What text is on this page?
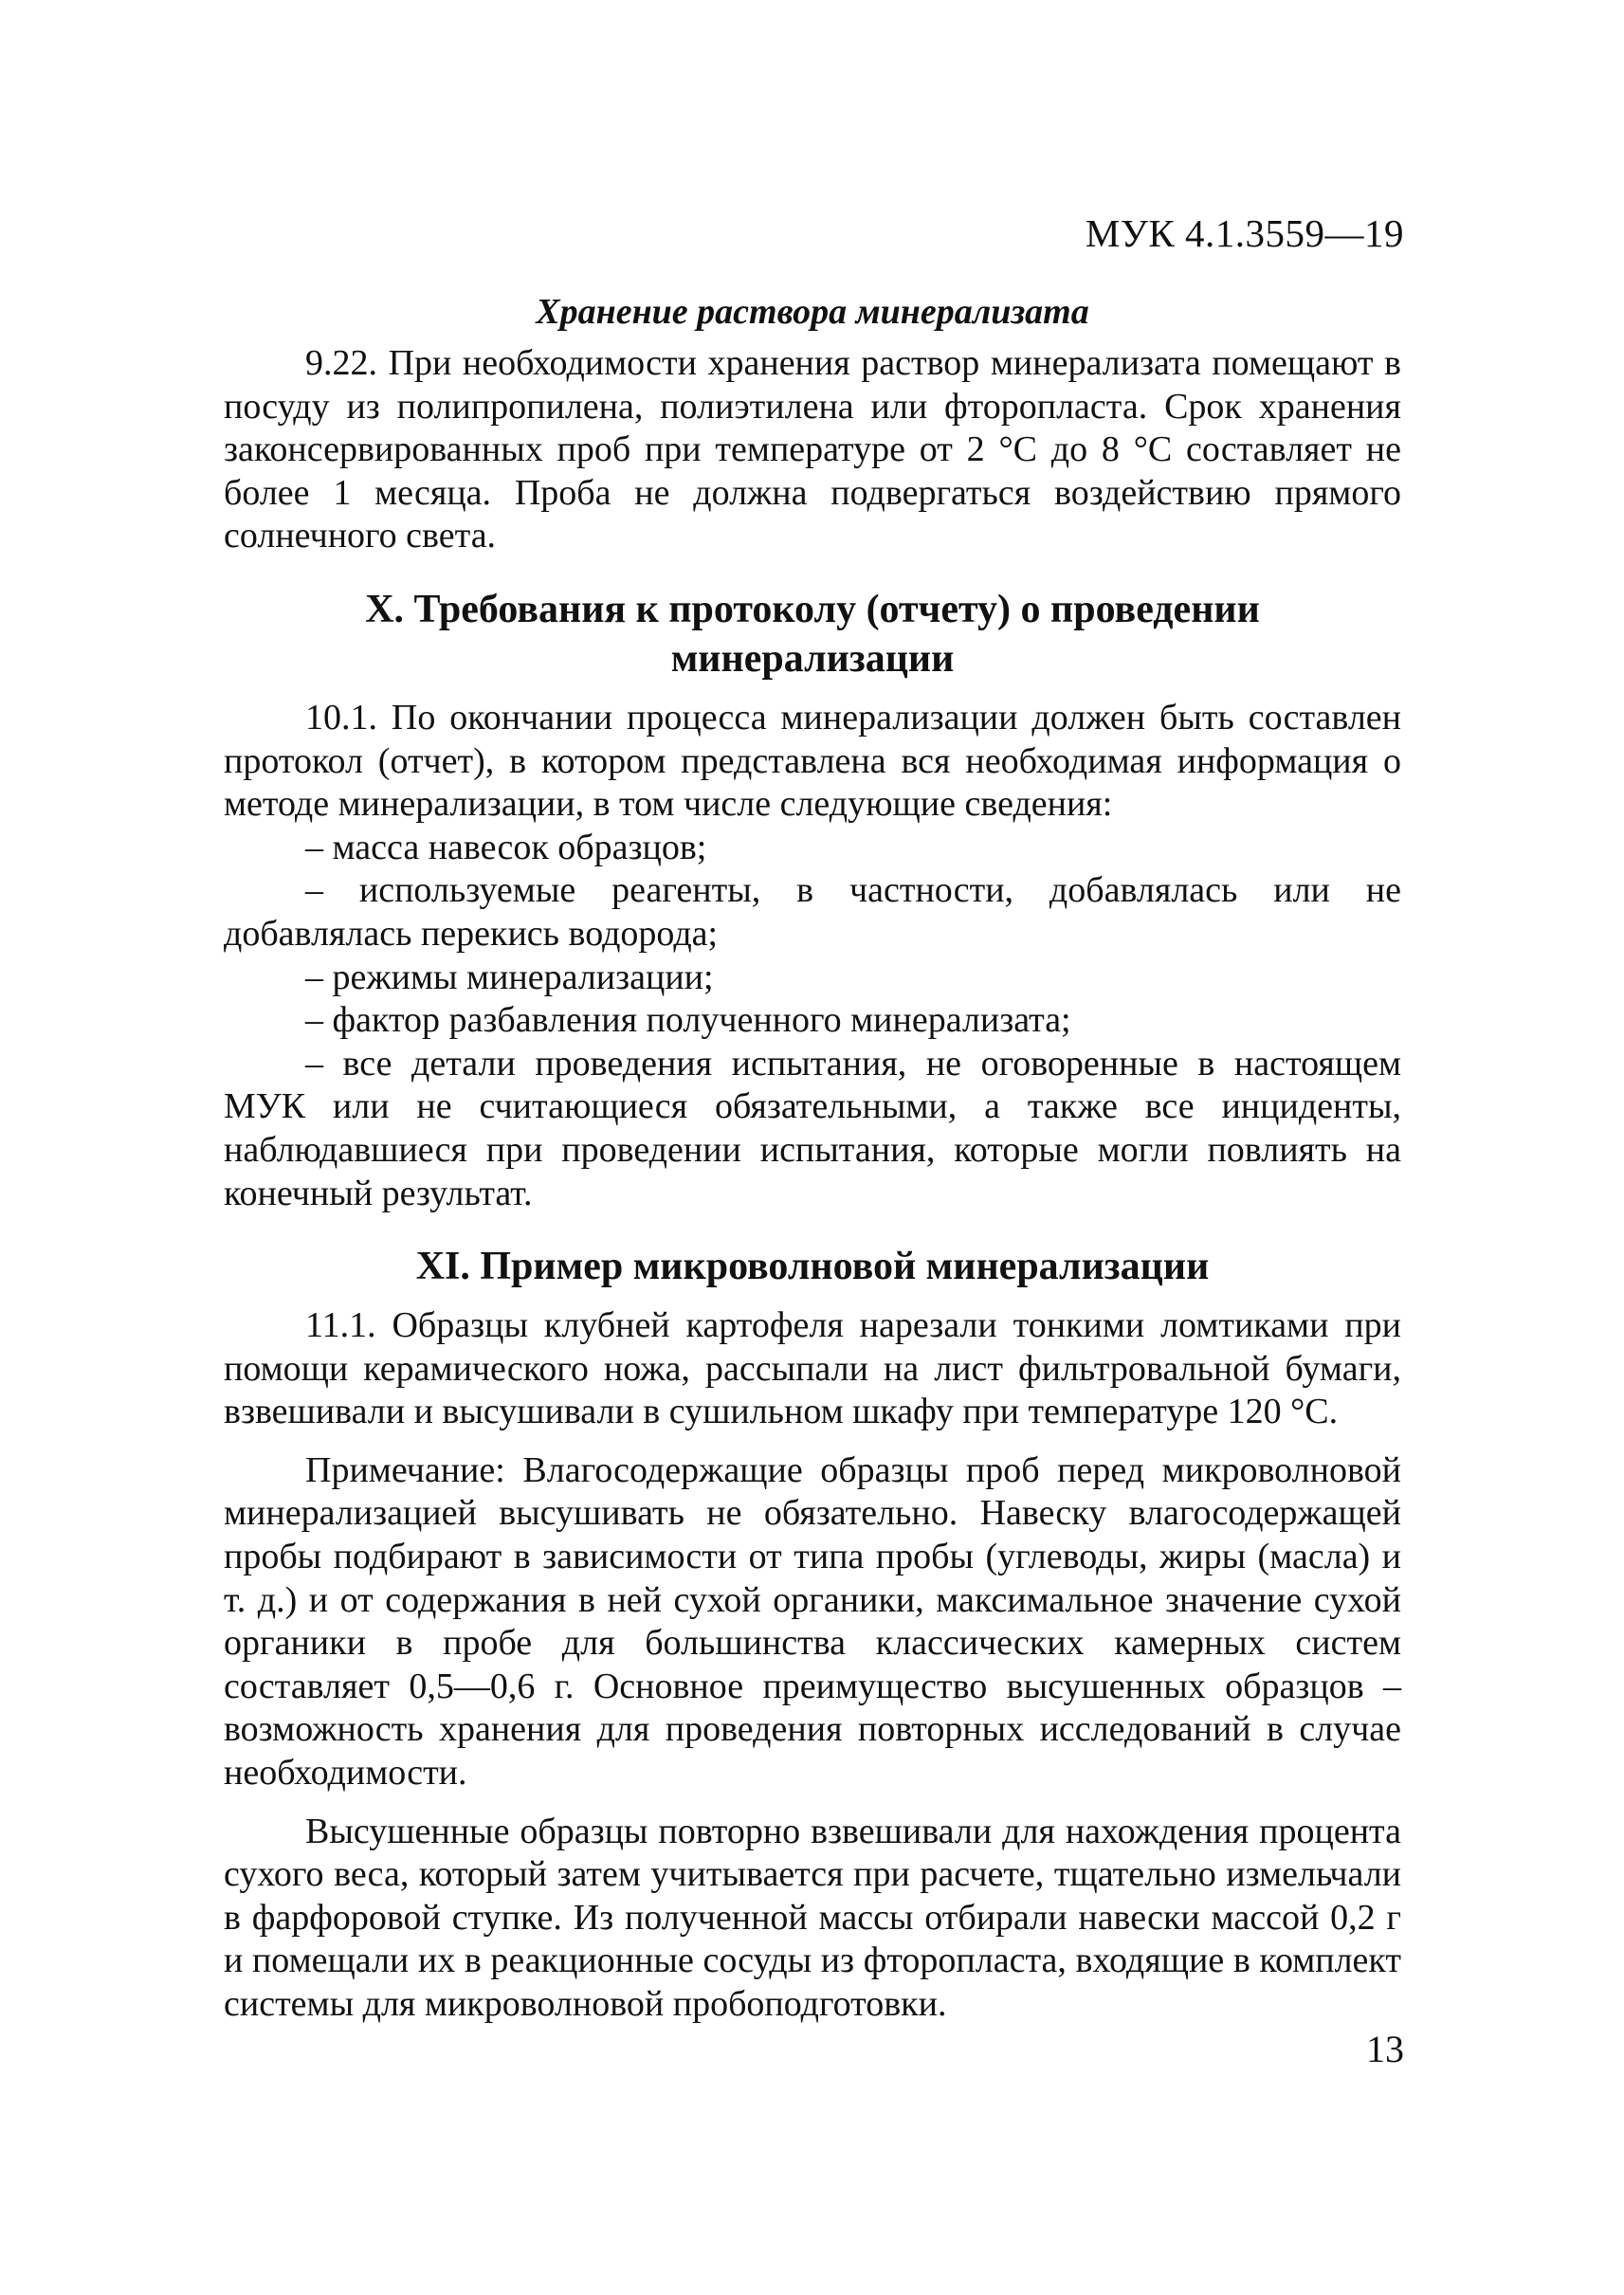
МУК 4.1.3559—19

Хранение раствора минерализата

9.22. При необходимости хранения раствор минерализата помещают в посуду из полипропилена, полиэтилена или фторопласта. Срок хранения законсервированных проб при температуре от 2 °С до 8 °С составляет не более 1 месяца. Проба не должна подвергаться воздействию прямого солнечного света.

X. Требования к протоколу (отчету) о проведении минерализации

10.1. По окончании процесса минерализации должен быть составлен протокол (отчет), в котором представлена вся необходимая информация о методе минерализации, в том числе следующие сведения:

– масса навесок образцов;

– используемые реагенты, в частности, добавлялась или не добавлялась перекись водорода;

– режимы минерализации;

– фактор разбавления полученного минерализата;

– все детали проведения испытания, не оговоренные в настоящем МУК или не считающиеся обязательными, а также все инциденты, наблюдавшиеся при проведении испытания, которые могли повлиять на конечный результат.

XI. Пример микроволновой минерализации

11.1. Образцы клубней картофеля нарезали тонкими ломтиками при помощи керамического ножа, рассыпали на лист фильтровальной бумаги, взвешивали и высушивали в сушильном шкафу при температуре 120 °С.

Примечание: Влагосодержащие образцы проб перед микроволновой минерализацией высушивать не обязательно. Навеску влагосодержащей пробы подбирают в зависимости от типа пробы (углеводы, жиры (масла) и т. д.) и от содержания в ней сухой органики, максимальное значение сухой органики в пробе для большинства классических камерных систем составляет 0,5—0,6 г. Основное преимущество высушенных образцов – возможность хранения для проведения повторных исследований в случае необходимости.

Высушенные образцы повторно взвешивали для нахождения процента сухого веса, который затем учитывается при расчете, тщательно измельчали в фарфоровой ступке. Из полученной массы отбирали навески массой 0,2 г и помещали их в реакционные сосуды из фторопласта, входящие в комплект системы для микроволновой пробоподготовки.

13
